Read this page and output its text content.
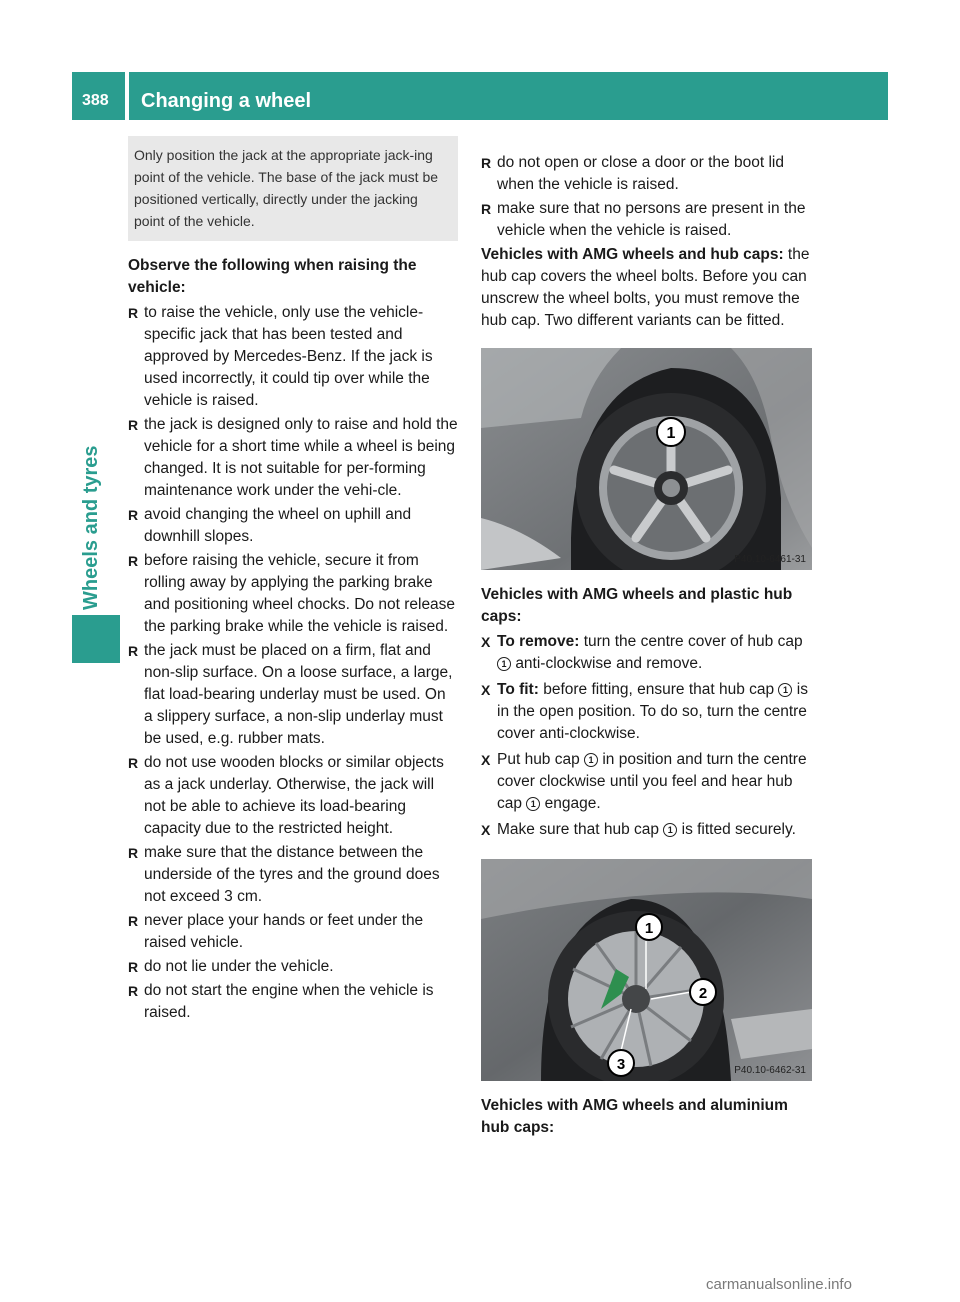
388 Changing a wheel
Wheels and tyres
Only position the jack at the appropriate jack-ing point of the vehicle. The base of the jack must be positioned vertically, directly under the jacking point of the vehicle.

Observe the following when raising the vehicle:

R to raise the vehicle, only use the vehicle-specific jack that has been tested and approved by Mercedes-Benz. If the jack is used incorrectly, it could tip over while the vehicle is raised.
R the jack is designed only to raise and hold the vehicle for a short time while a wheel is being changed. It is not suitable for per-forming maintenance work under the vehi-cle.
R avoid changing the wheel on uphill and downhill slopes.
R before raising the vehicle, secure it from rolling away by applying the parking brake and positioning wheel chocks. Do not release the parking brake while the vehicle is raised.
R the jack must be placed on a firm, flat and non-slip surface. On a loose surface, a large, flat load-bearing underlay must be used. On a slippery surface, a non-slip underlay must be used, e.g. rubber mats.
R do not use wooden blocks or similar objects as a jack underlay. Otherwise, the jack will not be able to achieve its load-bearing capacity due to the restricted height.
R make sure that the distance between the underside of the tyres and the ground does not exceed 3 cm.
R never place your hands or feet under the raised vehicle.
R do not lie under the vehicle.
R do not start the engine when the vehicle is raised.
R do not open or close a door or the boot lid when the vehicle is raised.
R make sure that no persons are present in the vehicle when the vehicle is raised.

Vehicles with AMG wheels and hub caps: the hub cap covers the wheel bolts. Before you can unscrew the wheel bolts, you must remove the hub cap. Two different variants can be fitted.

1
P40.10-6461-31

Vehicles with AMG wheels and plastic hub caps:

X To remove: turn the centre cover of hub cap 1 anti-clockwise and remove.
X To fit: before fitting, ensure that hub cap 1 is in the open position. To do so, turn the centre cover anti-clockwise.
X Put hub cap 1 in position and turn the centre cover clockwise until you feel and hear hub cap 1 engage.
X Make sure that hub cap 1 is fitted securely.
1
2
3	P40.10-6462-31

Vehicles with AMG wheels and aluminium hub caps:

carmanualsonline.info
